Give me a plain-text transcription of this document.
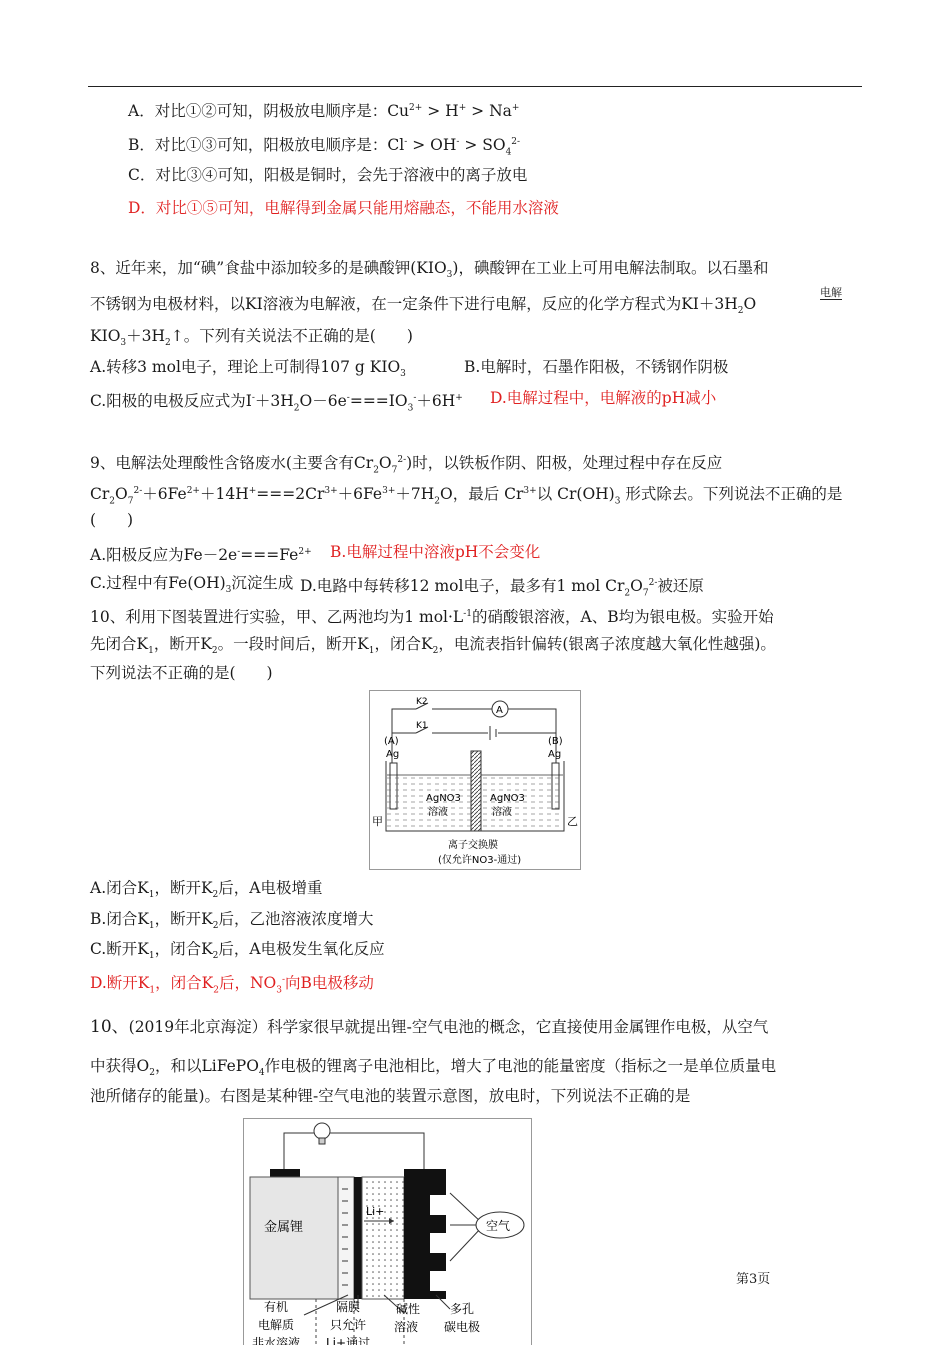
A．对比①②可知，阴极放电顺序是：$Cu^{2+} > H^+ > Na^+$
B．对比①③可知，阳极放电顺序是：$Cl^- > OH^- > SO_4^{2-}$
C．对比③④可知，阳极是铜时，会先于溶液中的离子放电
D．对比①⑤可知，电解得到金属只能用熔融态，不能用水溶液
8、近年来，加“碘”食盐中添加较多的是碘酸钾$(KIO_3)$，碘酸钾在工业上可用电解法制取。以石墨和
不锈钢为电极材料，以KI溶液为电解液，在一定条件下进行电解，反应的化学方程式为$KI+3H_2O$
电解
$KIO_3+3H_2↑$。下列有关说法不正确的是(　　)
A.转移3 mol电子，理论上可制得107 g $KIO_3$	B.电解时，石墨作阳极，不锈钢作阴极
C.阳极的电极反应式为$I^-+3H_2O-6e^-===IO_3^-+6H^+$ D.电解过程中，电解液的pH减小
9、电解法处理酸性含铬废水(主要含有$Cr_2O_7^{2-}$)时，以铁板作阴、阳极，处理过程中存在反应
$Cr_2O_7^{2-}+6Fe^{2+}+14H^+===2Cr^{3+}+6Fe^{3+}+7H_2O$，最后 $Cr^{3+}$以 $Cr(OH)_3$ 形式除去。下列说法不正确的是
(　　)
A.阳极反应为$Fe-2e^-===Fe^{2+}$ B.电解过程中溶液pH不会变化
C.过程中有$Fe(OH)_3$沉淀生成 D.电路中每转移12 mol电子，最多有1 mol $Cr_2O_7^{2-}$被还原
10、利用下图装置进行实验，甲、乙两池均为1 $mol\cdot L^{-1}$的硝酸银溶液，A、B均为银电极。实验开始
先闭合$K_1$，断开$K_2$。一段时间后，断开$K_1$，闭合$K_2$，电流表指针偏转(银离子浓度越大氧化性越强)。
下列说法不正确的是(　　)
K2
K1
A
(A)
Ag
(B)
Ag
AgNO3
溶液
AgNO3
溶液
甲	乙
离子交换膜
(仅允许NO3-通过)
A.闭合$K_1$，断开$K_2$后，A电极增重
B.闭合$K_1$，断开$K_2$后，乙池溶液浓度增大
C.断开$K_1$，闭合$K_2$后，A电极发生氧化反应
D.断开$K_1$，闭合$K_2$后，$NO_3^-$向B电极移动
10、(2019年北京海淀）科学家很早就提出锂-空气电池的概念，它直接使用金属锂作电极，从空气
中获得$O_2$，和以LiFePO$_4$作电极的锂离子电池相比，增大了电池的能量密度（指标之一是单位质量电
池所储存的能量)。右图是某种锂-空气电池的装置示意图，放电时，下列说法不正确的是
金属锂
Li+
空气
有机
电解质
非水溶液
隔膜
只允许
Li+通过
碱性
溶液
多孔
碳电极
第3页
